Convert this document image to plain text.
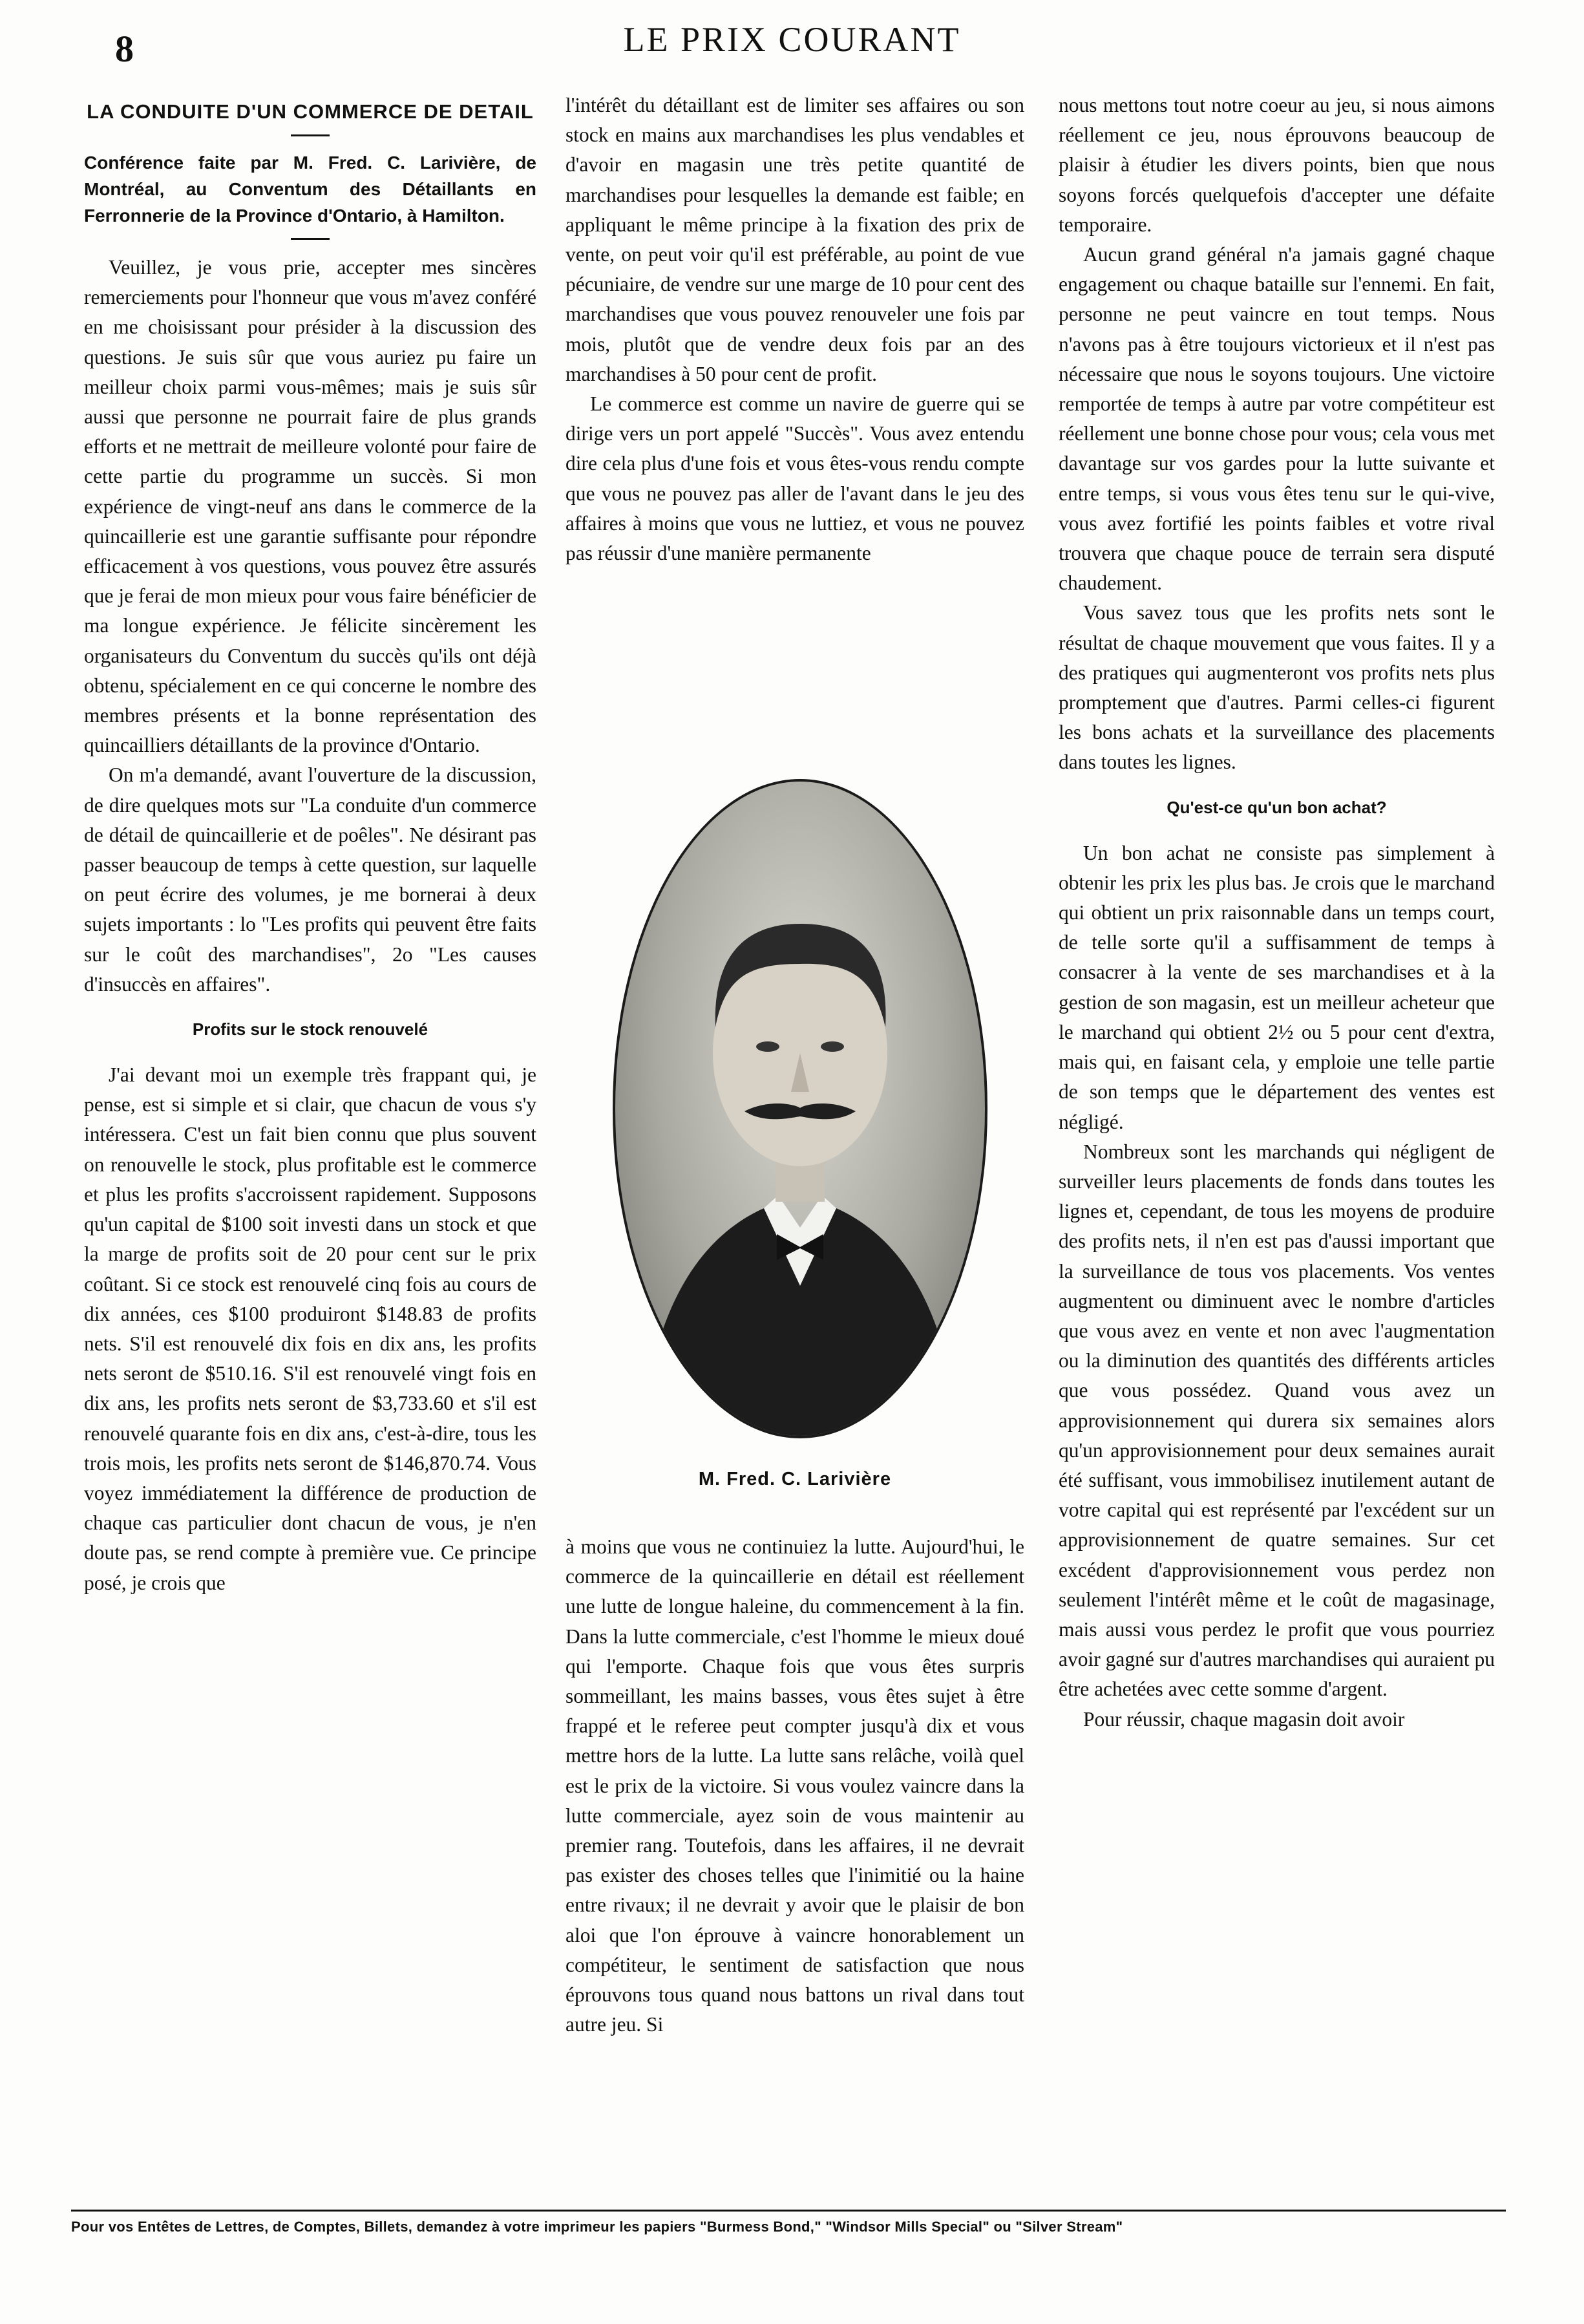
8	LE PRIX COURANT
LA CONDUITE D'UN COMMERCE DE DETAIL
Conférence faite par M. Fred. C. Larivière, de Montréal, au Conventum des Détaillants en Ferronnerie de la Province d'Ontario, à Hamilton.

Veuillez, je vous prie, accepter mes sincères remerciements pour l'honneur que vous m'avez conféré en me choisissant pour présider à la discussion des questions. Je suis sûr que vous auriez pu faire un meilleur choix parmi vous-mêmes; mais je suis sûr aussi que personne ne pourrait faire de plus grands efforts et ne mettrait de meilleure volonté pour faire de cette partie du programme un succès. Si mon expérience de vingt-neuf ans dans le commerce de la quincaillerie est une garantie suffisante pour répondre efficacement à vos questions, vous pouvez être assurés que je ferai de mon mieux pour vous faire bénéficier de ma longue expérience. Je félicite sincèrement les organisateurs du Conventum du succès qu'ils ont déjà obtenu, spécialement en ce qui concerne le nombre des membres présents et la bonne représentation des quincailliers détaillants de la province d'Ontario.

On m'a demandé, avant l'ouverture de la discussion, de dire quelques mots sur "La conduite d'un commerce de détail de quincaillerie et de poêles". Ne désirant pas passer beaucoup de temps à cette question, sur laquelle on peut écrire des volumes, je me bornerai à deux sujets importants : lo "Les profits qui peuvent être faits sur le coût des marchandises", 2o "Les causes d'insuccès en affaires".

Profits sur le stock renouvelé

J'ai devant moi un exemple très frappant qui, je pense, est si simple et si clair, que chacun de vous s'y intéressera. C'est un fait bien connu que plus souvent on renouvelle le stock, plus profitable est le commerce et plus les profits s'accroissent rapidement. Supposons qu'un capital de $100 soit investi dans un stock et que la marge de profits soit de 20 pour cent sur le prix coûtant. Si ce stock est renouvelé cinq fois au cours de dix années, ces $100 produiront $148.83 de profits nets. S'il est renouvelé dix fois en dix ans, les profits nets seront de $510.16. S'il est renouvelé vingt fois en dix ans, les profits nets seront de $3,733.60 et s'il est renouvelé quarante fois en dix ans, c'est-à-dire, tous les trois mois, les profits nets seront de $146,870.74. Vous voyez immédiatement la différence de production de chaque cas particulier dont chacun de vous, je n'en doute pas, se rend compte à première vue. Ce principe posé, je crois que

l'intérêt du détaillant est de limiter ses affaires ou son stock en mains aux marchandises les plus vendables et d'avoir en magasin une très petite quantité de marchandises pour lesquelles la demande est faible; en appliquant le même principe à la fixation des prix de vente, on peut voir qu'il est préférable, au point de vue pécuniaire, de vendre sur une marge de 10 pour cent des marchandises que vous pouvez renouveler une fois par mois, plutôt que de vendre deux fois par an des marchandises à 50 pour cent de profit.

Le commerce est comme un navire de guerre qui se dirige vers un port appelé "Succès". Vous avez entendu dire cela plus d'une fois et vous êtes-vous rendu compte que vous ne pouvez pas aller de l'avant dans le jeu des affaires à moins que vous ne luttiez, et vous ne pouvez pas réussir d'une manière permanente

M. Fred. C. Larivière

à moins que vous ne continuiez la lutte. Aujourd'hui, le commerce de la quincaillerie en détail est réellement une lutte de longue haleine, du commencement à la fin. Dans la lutte commerciale, c'est l'homme le mieux doué qui l'emporte. Chaque fois que vous êtes surpris sommeillant, les mains basses, vous êtes sujet à être frappé et le referee peut compter jusqu'à dix et vous mettre hors de la lutte. La lutte sans relâche, voilà quel est le prix de la victoire. Si vous voulez vaincre dans la lutte commerciale, ayez soin de vous maintenir au premier rang. Toutefois, dans les affaires, il ne devrait pas exister des choses telles que l'inimitié ou la haine entre rivaux; il ne devrait y avoir que le plaisir de bon aloi que l'on éprouve à vaincre honorablement un compétiteur, le sentiment de satisfaction que nous éprouvons tous quand nous battons un rival dans tout autre jeu. Si

nous mettons tout notre coeur au jeu, si nous aimons réellement ce jeu, nous éprouvons beaucoup de plaisir à étudier les divers points, bien que nous soyons forcés quelquefois d'accepter une défaite temporaire.

Aucun grand général n'a jamais gagné chaque engagement ou chaque bataille sur l'ennemi. En fait, personne ne peut vaincre en tout temps. Nous n'avons pas à être toujours victorieux et il n'est pas nécessaire que nous le soyons toujours. Une victoire remportée de temps à autre par votre compétiteur est réellement une bonne chose pour vous; cela vous met davantage sur vos gardes pour la lutte suivante et entre temps, si vous vous êtes tenu sur le qui-vive, vous avez fortifié les points faibles et votre rival trouvera que chaque pouce de terrain sera disputé chaudement.

Vous savez tous que les profits nets sont le résultat de chaque mouvement que vous faites. Il y a des pratiques qui augmenteront vos profits nets plus promptement que d'autres. Parmi celles-ci figurent les bons achats et la surveillance des placements dans toutes les lignes.

Qu'est-ce qu'un bon achat?

Un bon achat ne consiste pas simplement à obtenir les prix les plus bas. Je crois que le marchand qui obtient un prix raisonnable dans un temps court, de telle sorte qu'il a suffisamment de temps à consacrer à la vente de ses marchandises et à la gestion de son magasin, est un meilleur acheteur que le marchand qui obtient 2½ ou 5 pour cent d'extra, mais qui, en faisant cela, y emploie une telle partie de son temps que le département des ventes est négligé.

Nombreux sont les marchands qui négligent de surveiller leurs placements de fonds dans toutes les lignes et, cependant, de tous les moyens de produire des profits nets, il n'en est pas d'aussi important que la surveillance de tous vos placements. Vos ventes augmentent ou diminuent avec le nombre d'articles que vous avez en vente et non avec l'augmentation ou la diminution des quantités des différents articles que vous possédez. Quand vous avez un approvisionnement qui durera six semaines alors qu'un approvisionnement pour deux semaines aurait été suffisant, vous immobilisez inutilement autant de votre capital qui est représenté par l'excédent sur un approvisionnement de quatre semaines. Sur cet excédent d'approvisionnement vous perdez non seulement l'intérêt même et le coût de magasinage, mais aussi vous perdez le profit que vous pourriez avoir gagné sur d'autres marchandises qui auraient pu être achetées avec cette somme d'argent.

Pour réussir, chaque magasin doit avoir

Pour vos Entêtes de Lettres, de Comptes, Billets, demandez à votre imprimeur les papiers "Burmess Bond," "Windsor Mills Special" ou "Silver Stream"
